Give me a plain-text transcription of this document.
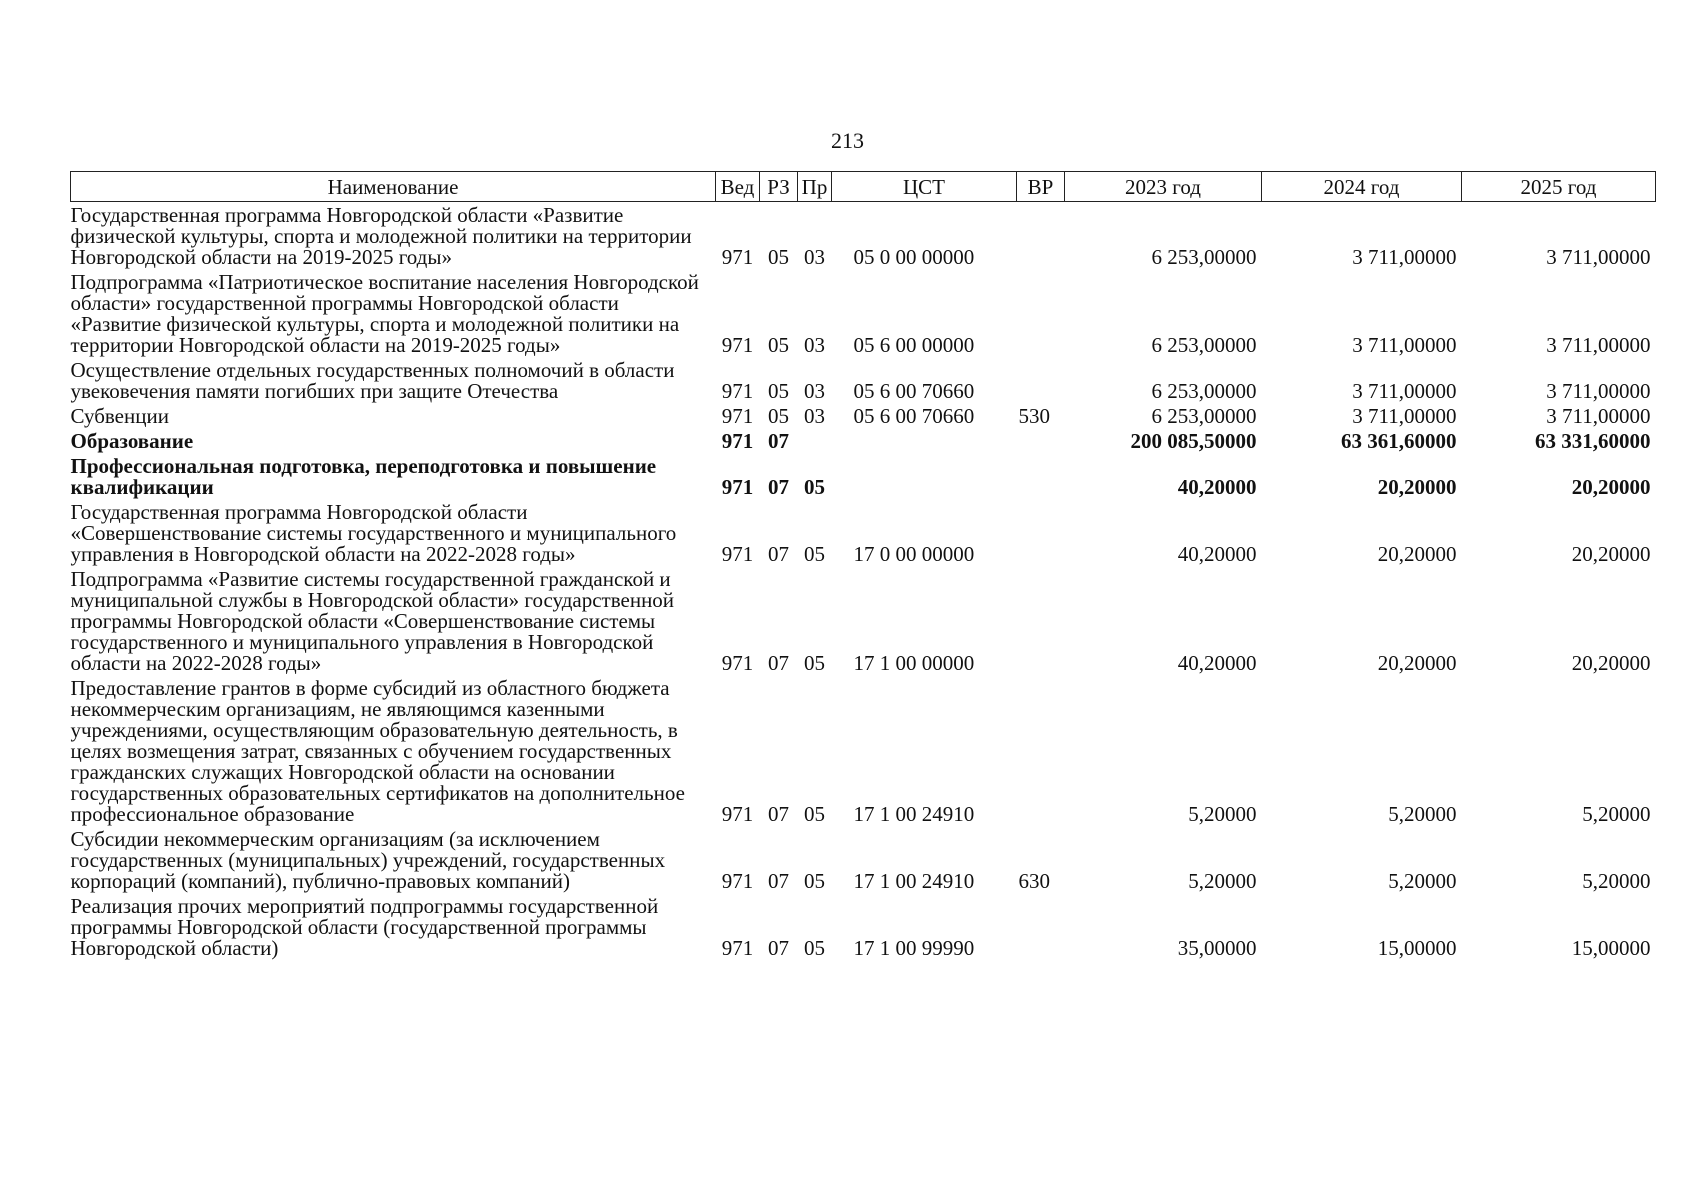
213
Наименование	Вед	РЗ	Пр	ЦСТ	ВР	2023 год	2024 год	2025 год
Государственная программа Новгородской области «Развитие физической культуры, спорта и молодежной политики на территории Новгородской области на 2019-2025 годы»	971	05	03	05 0 00 00000		6 253,00000	3 711,00000	3 711,00000
Подпрограмма «Патриотическое воспитание населения Новгородской области» государственной программы Новгородской области «Развитие физической культуры, спорта и молодежной политики на территории Новгородской области на 2019-2025 годы»	971	05	03	05 6 00 00000		6 253,00000	3 711,00000	3 711,00000
Осуществление отдельных государственных полномочий в области увековечения памяти погибших при защите Отечества	971	05	03	05 6 00 70660		6 253,00000	3 711,00000	3 711,00000
Субвенции	971	05	03	05 6 00 70660	530	6 253,00000	3 711,00000	3 711,00000
Образование	971	07				200 085,50000	63 361,60000	63 331,60000
Профессиональная подготовка, переподготовка и повышение квалификации	971	07	05			40,20000	20,20000	20,20000
Государственная программа Новгородской области «Совершенствование системы государственного и муниципального управления в Новгородской области на 2022-2028 годы»	971	07	05	17 0 00 00000		40,20000	20,20000	20,20000
Подпрограмма «Развитие системы государственной гражданской и муниципальной службы в Новгородской области» государственной программы Новгородской области «Совершенствование системы государственного и муниципального управления в Новгородской области на 2022-2028 годы»	971	07	05	17 1 00 00000		40,20000	20,20000	20,20000
Предоставление грантов в форме субсидий из областного бюджета некоммерческим организациям, не являющимся казенными учреждениями, осуществляющим образовательную деятельность, в целях возмещения затрат, связанных с обучением государственных гражданских служащих Новгородской области на основании государственных образовательных сертификатов на дополнительное профессиональное образование	971	07	05	17 1 00 24910		5,20000	5,20000	5,20000
Субсидии некоммерческим организациям (за исключением государственных (муниципальных) учреждений, государственных корпораций (компаний), публично-правовых компаний)	971	07	05	17 1 00 24910	630	5,20000	5,20000	5,20000
Реализация прочих мероприятий подпрограммы государственной программы Новгородской области (государственной программы Новгородской области)	971	07	05	17 1 00 99990		35,00000	15,00000	15,00000
